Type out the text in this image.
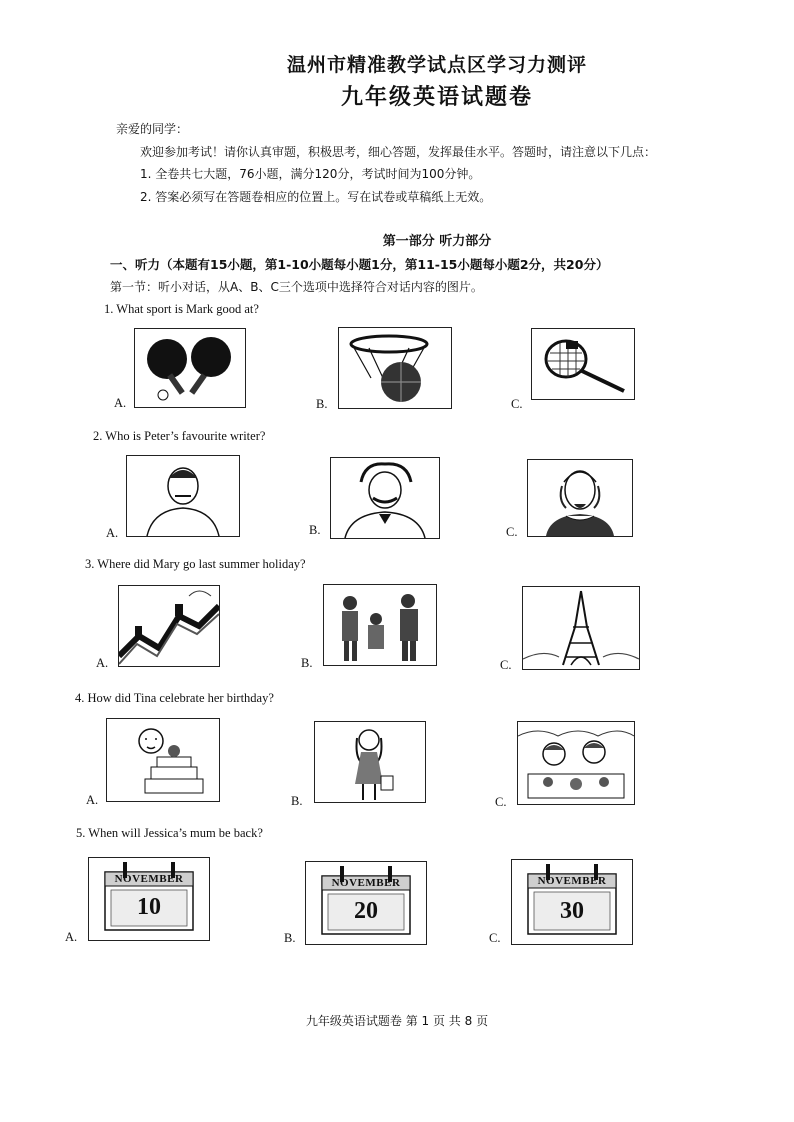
温州市精准教学试点区学习力测评
九年级英语试题卷
亲爱的同学：
欢迎参加考试！请你认真审题，积极思考，细心答题，发挥最佳水平。答题时，请注意以下几点：
1. 全卷共七大题，76小题，满分120分，考试时间为100分钟。
2. 答案必须写在答题卷相应的位置上。写在试卷或草稿纸上无效。
第一部分 听力部分
一、听力（本题有15小题，第1-10小题每小题1分，第11-15小题每小题2分，共20分）
第一节：听小对话，从A、B、C三个选项中选择符合对话内容的图片。
1. What sport is Mark good at?
A.	B.	C.
2. Who is Peter’s favourite writer?
A.	B.	C.
3. Where did Mary go last summer holiday?
A.	B.	C.
4. How did Tina celebrate her birthday?
A.	B.	C.
5. When will Jessica’s mum be back?
A.
NOVEMBER
10
B.
NOVEMBER
20
C.
NOVEMBER
30
九年级英语试题卷 第 1 页 共 8 页
